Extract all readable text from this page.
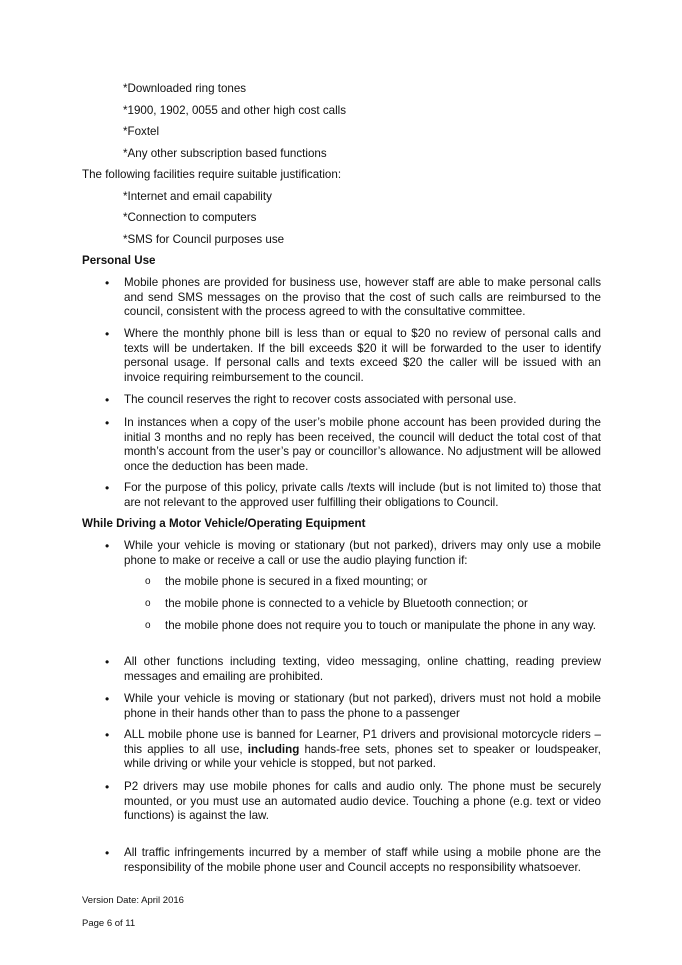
*Downloaded ring tones
*1900, 1902, 0055 and other high cost calls
*Foxtel
*Any other subscription based functions
The following facilities require suitable justification:
*Internet and email capability
*Connection to computers
*SMS for Council purposes use
Personal Use
•
Mobile phones are provided for business use, however staff are able to make personal calls and send SMS messages on the proviso that the cost of such calls are reimbursed to the council, consistent with the process agreed to with the consultative committee.
•
Where the monthly phone bill is less than or equal to $20 no review of personal calls and texts will be undertaken. If the bill exceeds $20 it will be forwarded to the user to identify personal usage. If personal calls and texts exceed $20 the caller will be issued with an invoice requiring reimbursement to the council.
•
The council reserves the right to recover costs associated with personal use.
•
In instances when a copy of the user’s mobile phone account has been provided during the initial 3 months and no reply has been received, the council will deduct the total cost of that month’s account from the user’s pay or councillor’s allowance. No adjustment will be allowed once the deduction has been made.
•
For the purpose of this policy, private calls /texts will include (but is not limited to) those that are not relevant to the approved user fulfilling their obligations to Council.
While Driving a Motor Vehicle/Operating Equipment
•
While your vehicle is moving or stationary (but not parked), drivers may only use a mobile phone to make or receive a call or use the audio playing function if:
o the mobile phone is secured in a fixed mounting; or
o the mobile phone is connected to a vehicle by Bluetooth connection; or
o the mobile phone does not require you to touch or manipulate the phone in any way.
•
All other functions including texting, video messaging, online chatting, reading preview messages and emailing are prohibited.
•
While your vehicle is moving or stationary (but not parked), drivers must not hold a mobile phone in their hands other than to pass the phone to a passenger
•
ALL mobile phone use is banned for Learner, P1 drivers and provisional motorcycle riders – this applies to all use, including hands-free sets, phones set to speaker or loudspeaker, while driving or while your vehicle is stopped, but not parked.
•
P2 drivers may use mobile phones for calls and audio only. The phone must be securely mounted, or you must use an automated audio device. Touching a phone (e.g. text or video functions) is against the law.
•
All traffic infringements incurred by a member of staff while using a mobile phone are the responsibility of the mobile phone user and Council accepts no responsibility whatsoever.
Version Date: April 2016
Page 6 of 11
